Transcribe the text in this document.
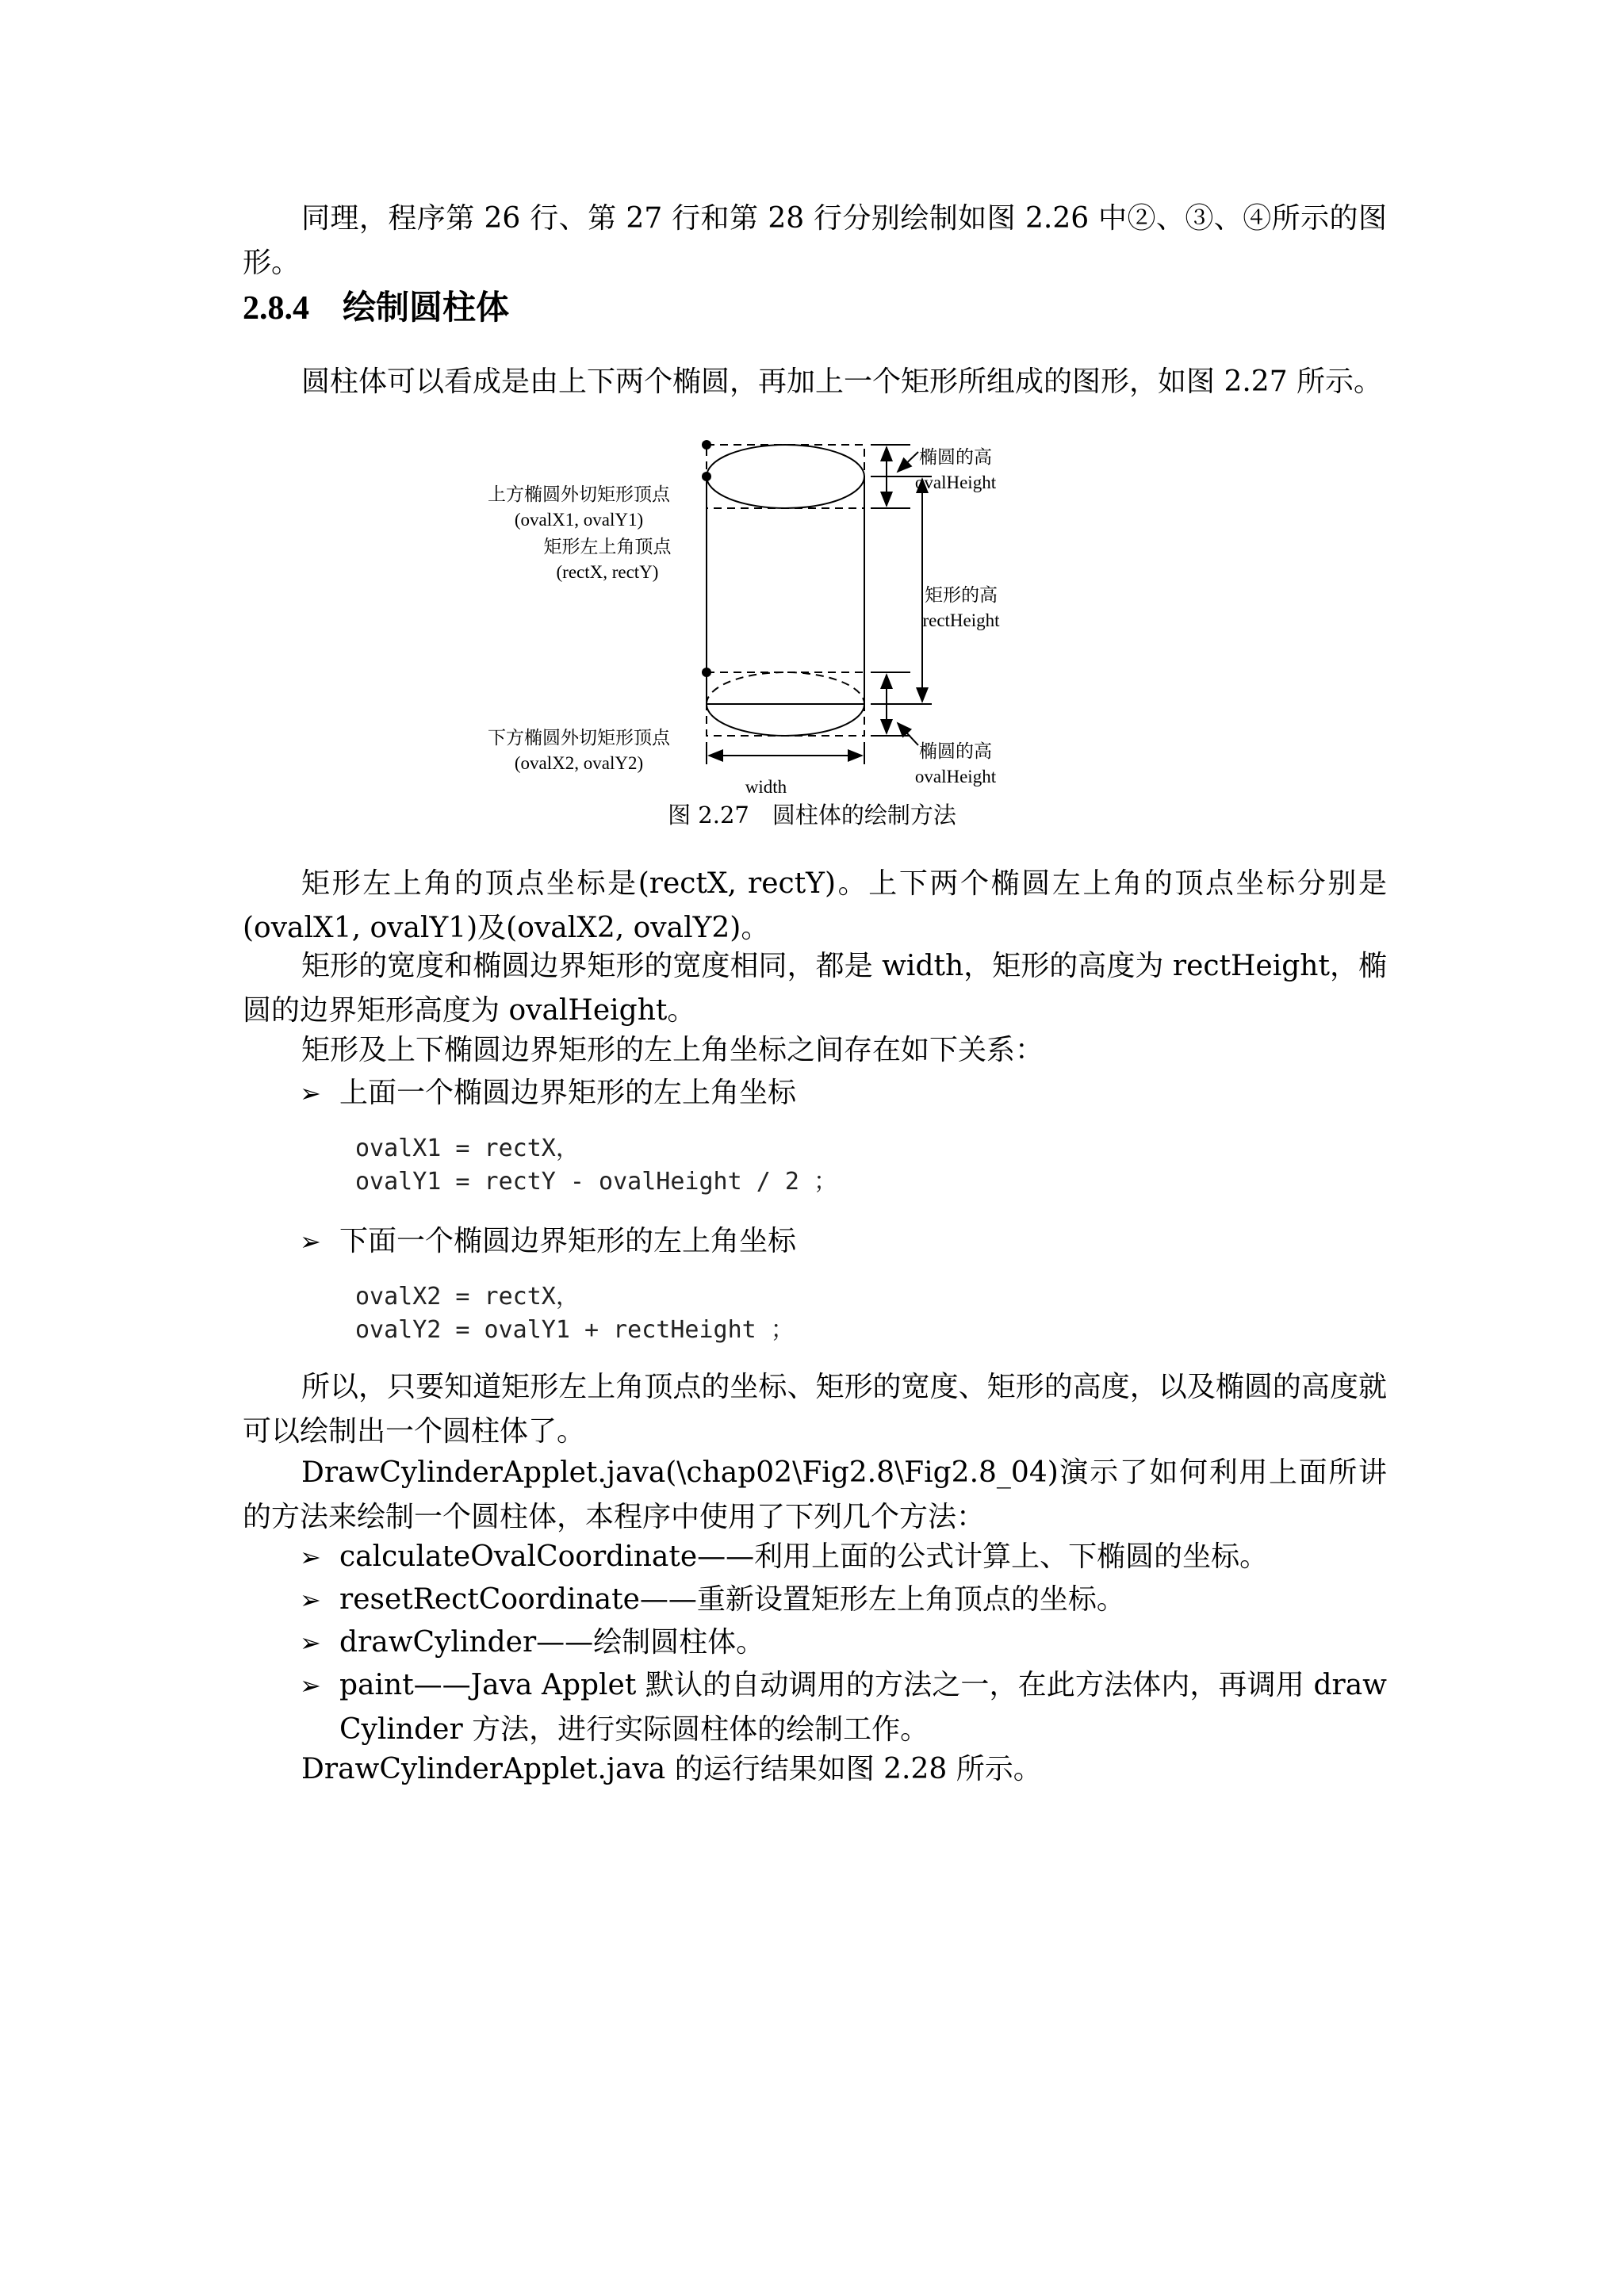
同理，程序第 26 行、第 27 行和第 28 行分别绘制如图 2.26 中②、③、④所示的图形。
2.8.4 绘制圆柱体
圆柱体可以看成是由上下两个椭圆，再加上一个矩形所组成的图形，如图 2.27 所示。
上方椭圆外切矩形顶点
(ovalX1, ovalY1)
矩形左上角顶点
(rectX, rectY)
下方椭圆外切矩形顶点
(ovalX2, ovalY2)
椭圆的高
ovalHeight
矩形的高
rectHeight
椭圆的高
ovalHeight
width
图 2.27　圆柱体的绘制方法
矩形左上角的顶点坐标是(rectX, rectY)。上下两个椭圆左上角的顶点坐标分别是(ovalX1, ovalY1)及(ovalX2, ovalY2)。
矩形的宽度和椭圆边界矩形的宽度相同，都是 width，矩形的高度为 rectHeight，椭圆的边界矩形高度为 ovalHeight。
矩形及上下椭圆边界矩形的左上角坐标之间存在如下关系：
➢ 上面一个椭圆边界矩形的左上角坐标
ovalX1 = rectX，
ovalY1 = rectY - ovalHeight / 2 ；
➢ 下面一个椭圆边界矩形的左上角坐标
ovalX2 = rectX，
ovalY2 = ovalY1 + rectHeight ；
所以，只要知道矩形左上角顶点的坐标、矩形的宽度、矩形的高度，以及椭圆的高度就可以绘制出一个圆柱体了。
DrawCylinderApplet.java(\chap02\Fig2.8\Fig2.8_04)演示了如何利用上面所讲的方法来绘制一个圆柱体，本程序中使用了下列几个方法：
➢ calculateOvalCoordinate——利用上面的公式计算上、下椭圆的坐标。
➢ resetRectCoordinate——重新设置矩形左上角顶点的坐标。
➢ drawCylinder——绘制圆柱体。
➢ paint——Java Applet 默认的自动调用的方法之一，在此方法体内，再调用 draw Cylinder 方法，进行实际圆柱体的绘制工作。
DrawCylinderApplet.java 的运行结果如图 2.28 所示。
